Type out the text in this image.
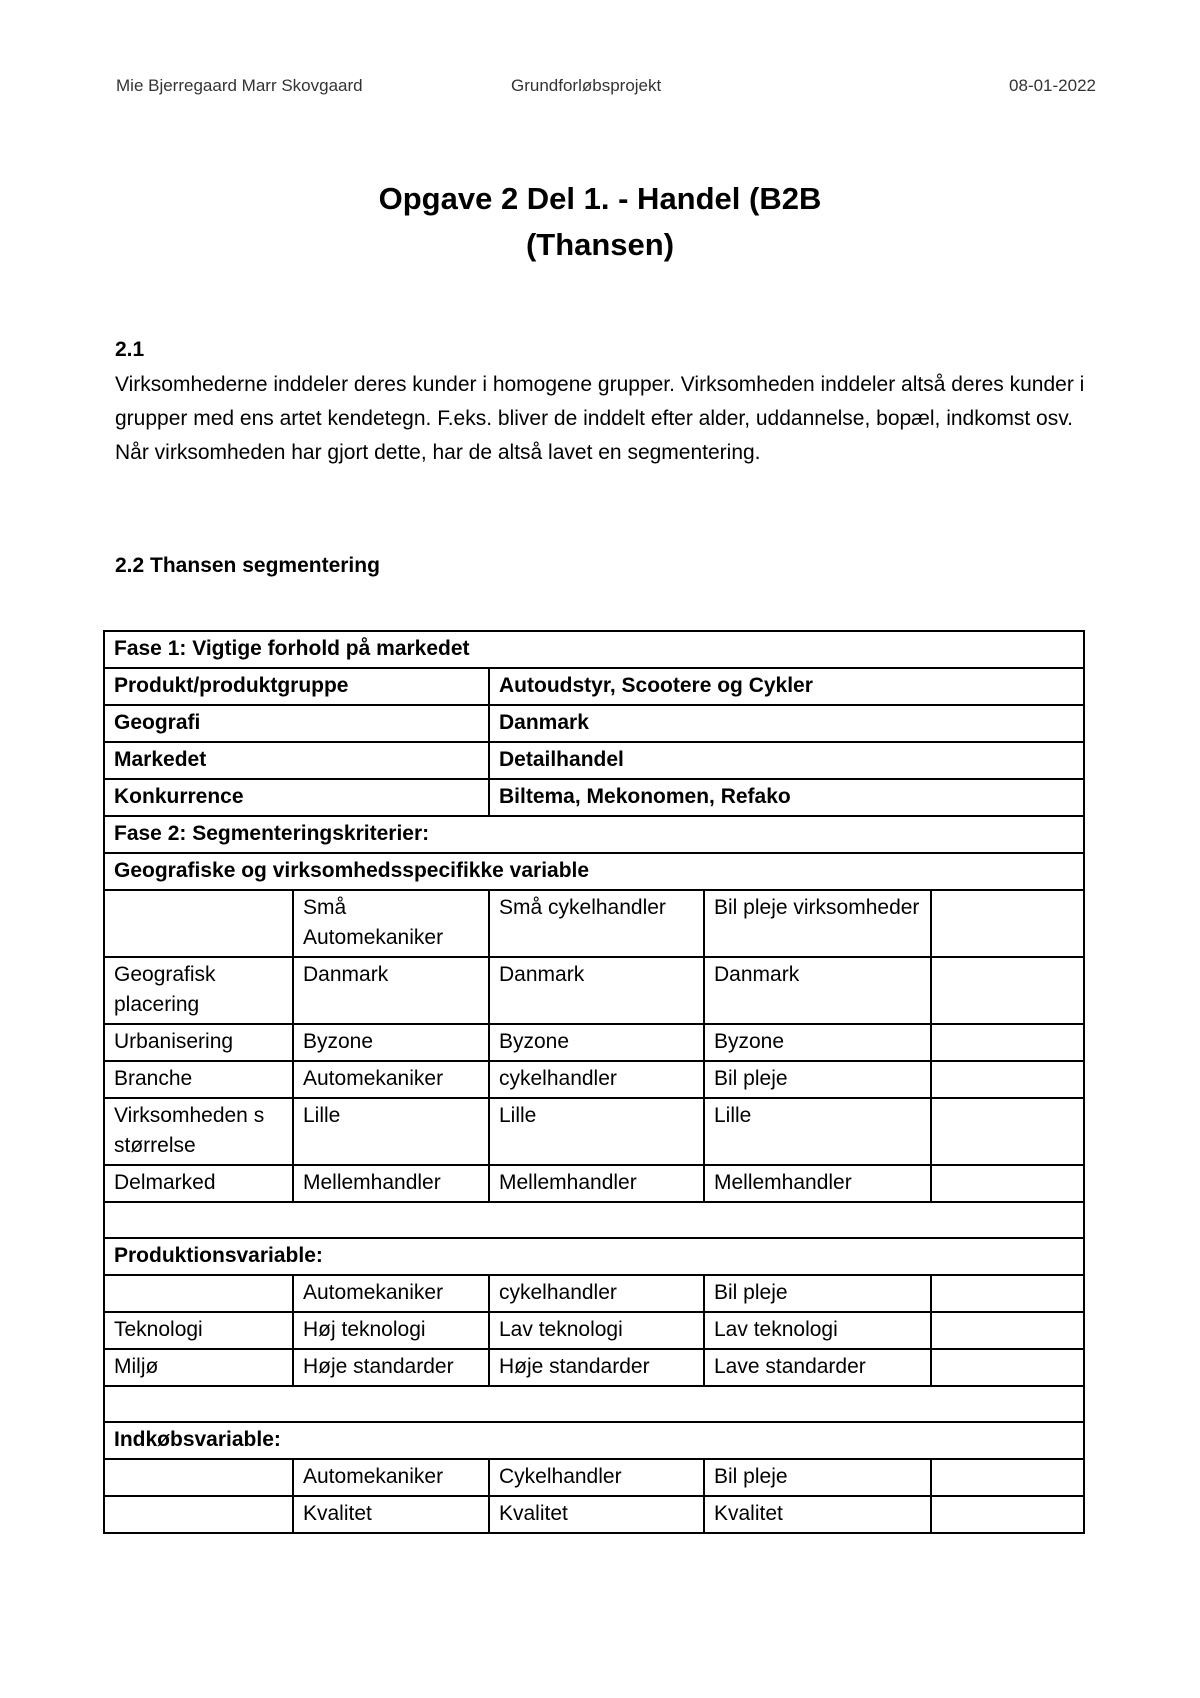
Mie Bjerregaard Marr Skovgaard	Grundforløbsprojekt	08-01-2022
Opgave 2 Del 1. - Handel (B2B
(Thansen)
2.1

Virksomhederne inddeler deres kunder i homogene grupper. Virksomheden inddeler altså deres kunder i grupper med ens artet kendetegn. F.eks. bliver de inddelt efter alder, uddannelse, bopæl, indkomst osv. Når virksomheden har gjort dette, har de altså lavet en segmentering.

2.2 Thansen segmentering
Fase 1: Vigtige forhold på markedet				
Produkt/produktgruppe		Autoudstyr, Scootere og Cykler		
Geografi		Danmark		
Markedet		Detailhandel		
Konkurrence		Biltema, Mekonomen, Refako		
Fase 2: Segmenteringskriterier:				
Geografiske og virksomhedsspecifikke variable				
	Små Automekaniker	Små cykelhandler	Bil pleje virksomheder	
Geografisk placering	Danmark	Danmark	Danmark	
Urbanisering	Byzone	Byzone	Byzone	
Branche	Automekaniker	cykelhandler	Bil pleje	
Virksomheden s størrelse	Lille	Lille	Lille	
Delmarked	Mellemhandler	Mellemhandler	Mellemhandler	

Produktionsvariable:				
	Automekaniker	cykelhandler	Bil pleje	
Teknologi	Høj teknologi	Lav teknologi	Lav teknologi	
Miljø	Høje standarder	Høje standarder	Lave standarder	

Indkøbsvariable:				
	Automekaniker	Cykelhandler	Bil pleje	
	Kvalitet	Kvalitet	Kvalitet	
